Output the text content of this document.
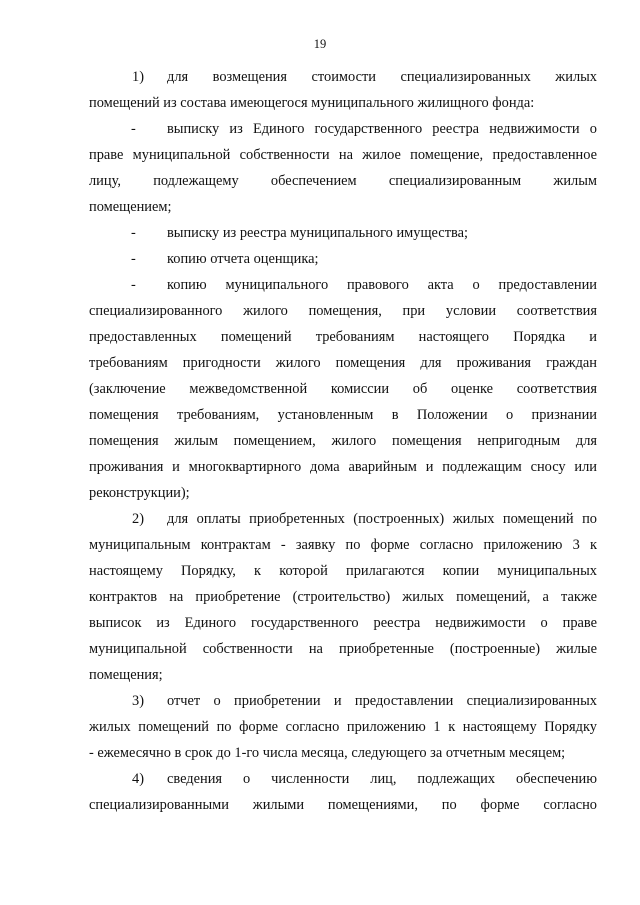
19
1)	для возмещения стоимости специализированных жилых
помещений из состава имеющегося муниципального жилищного фонда:
-	выписку из Единого государственного реестра недвижимости о
праве муниципальной собственности на жилое помещение, предоставленное
лицу, подлежащему обеспечением специализированным жилым
помещением;
-	выписку из реестра муниципального имущества;
-	копию отчета оценщика;
-	копию муниципального правового акта о предоставлении
специализированного жилого помещения, при условии соответствия
предоставленных помещений требованиям настоящего Порядка и
требованиям пригодности жилого помещения для проживания граждан
(заключение межведомственной комиссии об оценке соответствия
помещения требованиям, установленным в Положении о признании
помещения жилым помещением, жилого помещения непригодным для
проживания и многоквартирного дома аварийным и подлежащим сносу или
реконструкции);
2)	для оплаты приобретенных (построенных) жилых помещений по
муниципальным контрактам - заявку по форме согласно приложению 3 к
настоящему Порядку, к которой прилагаются копии муниципальных
контрактов на приобретение (строительство) жилых помещений, а также
выписок из Единого государственного реестра недвижимости о праве
муниципальной собственности на приобретенные (построенные) жилые
помещения;
3)	отчет о приобретении и предоставлении специализированных
жилых помещений по форме согласно приложению 1 к настоящему Порядку
- ежемесячно в срок до 1-го числа месяца, следующего за отчетным месяцем;
4)	сведения о численности лиц, подлежащих обеспечению
специализированными жилыми помещениями, по форме согласно
